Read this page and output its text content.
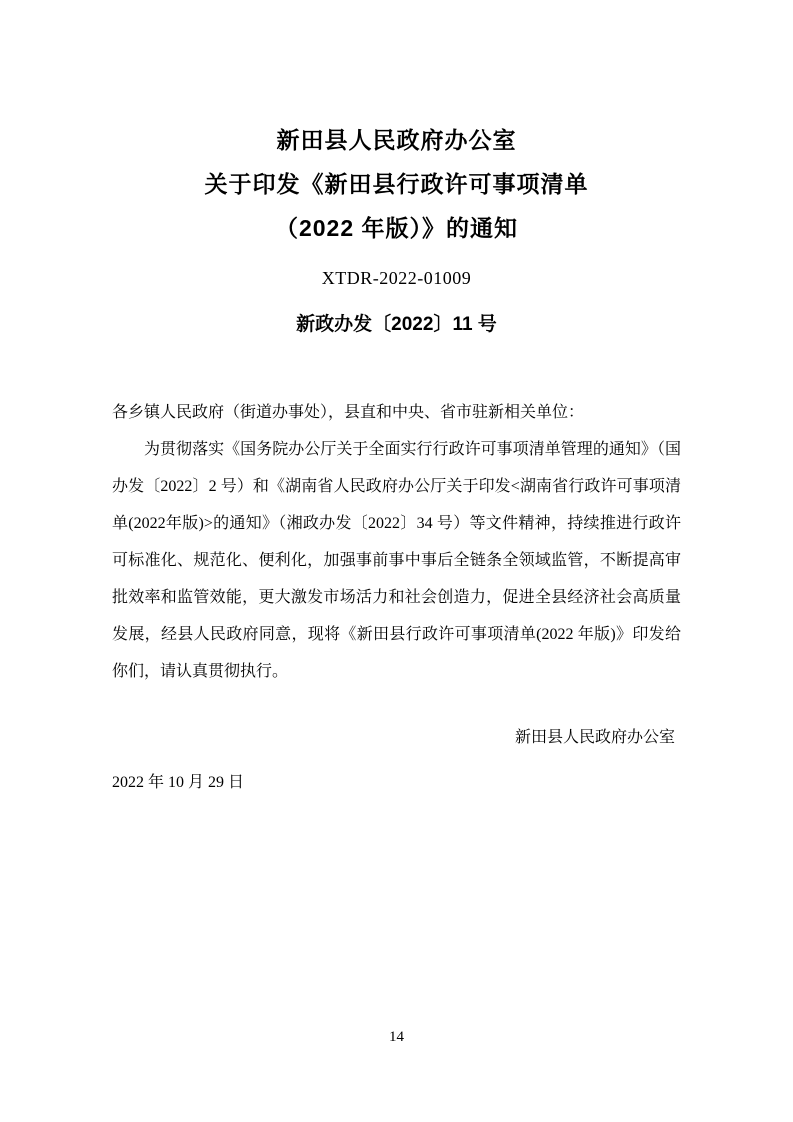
新田县人民政府办公室
关于印发《新田县行政许可事项清单
（2022 年版）》的通知
XTDR-2022-01009
新政办发〔2022〕11 号

各乡镇人民政府（街道办事处），县直和中央、省市驻新相关单位：

为贯彻落实《国务院办公厅关于全面实行行政许可事项清单管理的通知》（国办发〔2022〕2 号）和《湖南省人民政府办公厅关于印发<湖南省行政许可事项清单(2022年版)>的通知》（湘政办发〔2022〕34 号）等文件精神，持续推进行政许可标准化、规范化、便利化，加强事前事中事后全链条全领域监管，不断提高审批效率和监管效能，更大激发市场活力和社会创造力，促进全县经济社会高质量发展，经县人民政府同意，现将《新田县行政许可事项清单(2022 年版)》印发给你们，请认真贯彻执行。

新田县人民政府办公室
2022 年 10 月 29 日
14
